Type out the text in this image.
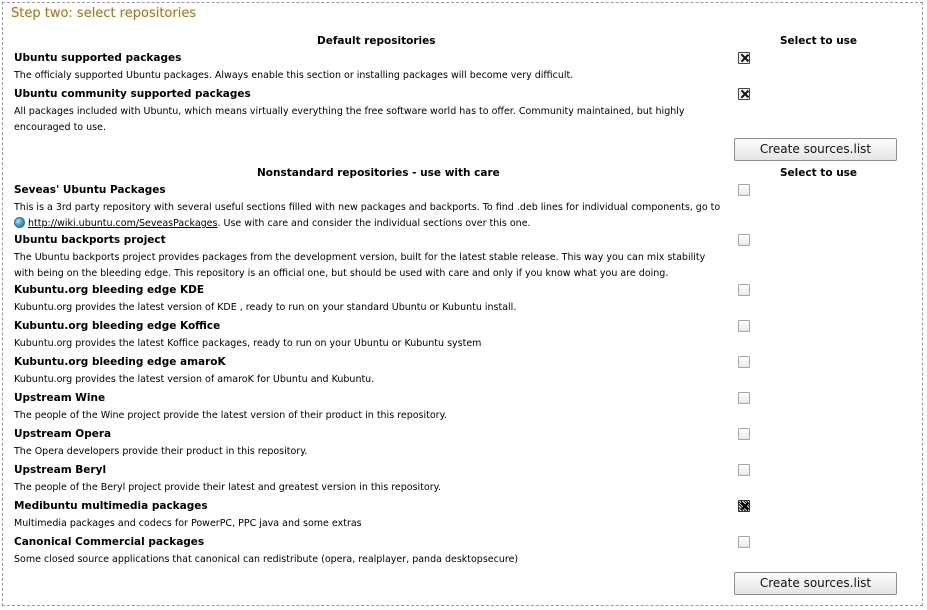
Step two: select repositories
Default repositories	Select to use
Ubuntu supported packages
The officialy supported Ubuntu packages. Always enable this section or installing packages will become very difficult.
Ubuntu community supported packages
All packages included with Ubuntu, which means virtually everything the free software world has to offer. Community maintained, but highly encouraged to use.
Create sources.list
Nonstandard repositories - use with care	Select to use
Seveas' Ubuntu Packages
This is a 3rd party repository with several useful sections filled with new packages and backports. To find .deb lines for individual components, go to
http://wiki.ubuntu.com/SeveasPackages. Use with care and consider the individual sections over this one.
Ubuntu backports project
The Ubuntu backports project provides packages from the development version, built for the latest stable release. This way you can mix stability with being on the bleeding edge. This repository is an official one, but should be used with care and only if you know what you are doing.
Kubuntu.org bleeding edge KDE
Kubuntu.org provides the latest version of KDE , ready to run on your standard Ubuntu or Kubuntu install.
Kubuntu.org bleeding edge Koffice
Kubuntu.org provides the latest Koffice packages, ready to run on your Ubuntu or Kubuntu system
Kubuntu.org bleeding edge amaroK
Kubuntu.org provides the latest version of amaroK for Ubuntu and Kubuntu.
Upstream Wine
The people of the Wine project provide the latest version of their product in this repository.
Upstream Opera
The Opera developers provide their product in this repository.
Upstream Beryl
The people of the Beryl project provide their latest and greatest version in this repository.
Medibuntu multimedia packages
Multimedia packages and codecs for PowerPC, PPC java and some extras
Canonical Commercial packages
Some closed source applications that canonical can redistribute (opera, realplayer, panda desktopsecure)
Create sources.list
